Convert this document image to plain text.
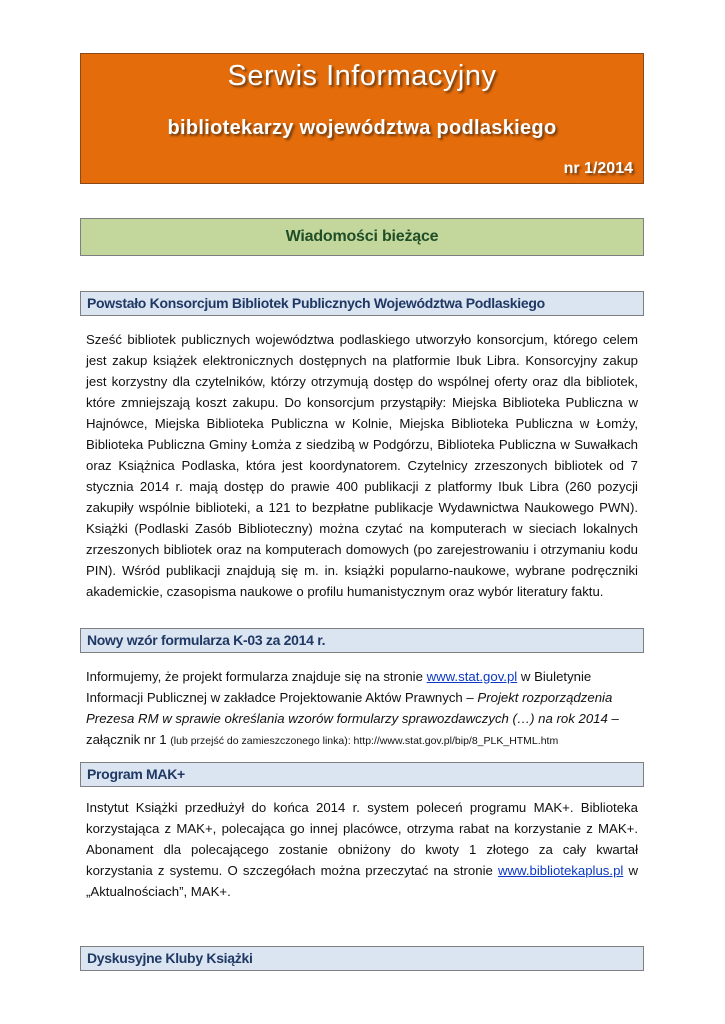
Serwis Informacyjny
bibliotekarzy województwa podlaskiego
nr 1/2014
Wiadomości bieżące
Powstało Konsorcjum Bibliotek Publicznych Województwa Podlaskiego
Sześć bibliotek publicznych województwa podlaskiego utworzyło konsorcjum, którego celem jest zakup książek elektronicznych dostępnych na platformie Ibuk Libra. Konsorcyjny zakup jest korzystny dla czytelników, którzy otrzymują dostęp do wspólnej oferty oraz dla bibliotek, które zmniejszają koszt zakupu. Do konsorcjum przystąpiły: Miejska Biblioteka Publiczna w Hajnówce, Miejska Biblioteka Publiczna w Kolnie, Miejska Biblioteka Publiczna w Łomży, Biblioteka Publiczna Gminy Łomża z siedzibą w Podgórzu, Biblioteka Publiczna w Suwałkach oraz Książnica Podlaska, która jest koordynatorem. Czytelnicy zrzeszonych bibliotek od 7 stycznia 2014 r. mają dostęp do prawie 400 publikacji z platformy Ibuk Libra (260 pozycji zakupiły wspólnie biblioteki, a 121 to bezpłatne publikacje Wydawnictwa Naukowego PWN). Książki (Podlaski Zasób Biblioteczny) można czytać na komputerach w sieciach lokalnych zrzeszonych bibliotek oraz na komputerach domowych (po zarejestrowaniu i otrzymaniu kodu PIN). Wśród publikacji znajdują się m. in. książki popularno-naukowe, wybrane podręczniki akademickie, czasopisma naukowe o profilu humanistycznym oraz wybór literatury faktu.
Nowy wzór formularza K-03 za 2014 r.
Informujemy, że projekt formularza znajduje się na stronie www.stat.gov.pl w Biuletynie Informacji Publicznej w zakładce Projektowanie Aktów Prawnych – Projekt rozporządzenia Prezesa RM w sprawie określania wzorów formularzy sprawozdawczych (…) na rok 2014 – załącznik nr 1 (lub przejść do zamieszczonego linka): http://www.stat.gov.pl/bip/8_PLK_HTML.htm
Program MAK+
Instytut Książki przedłużył do końca 2014 r. system poleceń programu MAK+. Biblioteka korzystająca z MAK+, polecająca go innej placówce, otrzyma rabat na korzystanie z MAK+. Abonament dla polecającego zostanie obniżony do kwoty 1 złotego za cały kwartał korzystania z systemu. O szczegółach można przeczytać na stronie www.bibliotekaplus.pl w „Aktualnościach”, MAK+.
Dyskusyjne Kluby Książki
